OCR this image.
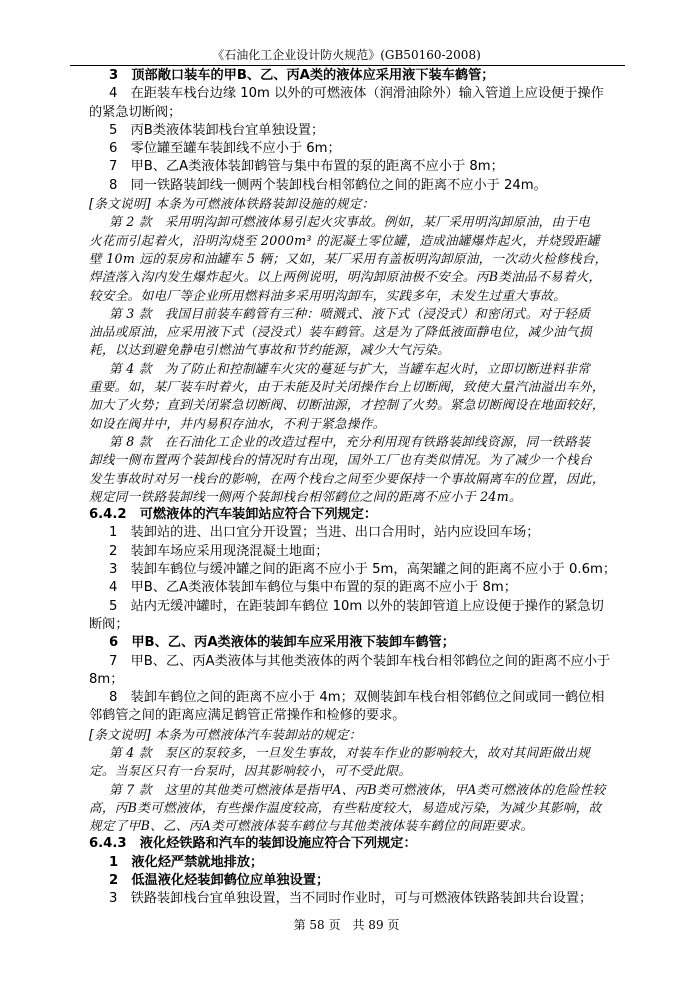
《石油化工企业设计防火规范》(GB50160-2008)
3　顶部敞口装车的甲B、乙、丙A类的液体应采用液下装车鹤管；
4　在距装车栈台边缘 10m 以外的可燃液体（润滑油除外）输入管道上应设便于操作
的紧急切断阀；
5　丙B类液体装卸栈台宜单独设置；
6　零位罐至罐车装卸线不应小于 6m；
7　甲B、乙A类液体装卸鹤管与集中布置的泵的距离不应小于 8m；
8　同一铁路装卸线一侧两个装卸栈台相邻鹤位之间的距离不应小于 24m。
[条文说明] 本条为可燃液体铁路装卸设施的规定：
第 2 款　采用明沟卸可燃液体易引起火灾事故。例如，某厂采用明沟卸原油，由于电
火花而引起着火，沿明沟烧至 2000m³ 的泥凝土零位罐，造成油罐爆炸起火，并烧毁距罐
壁 10m 远的泵房和油罐车 5 辆；又如，某厂采用有盖板明沟卸原油，一次动火检修栈台，
焊渣落入沟内发生爆炸起火。以上两例说明，明沟卸原油极不安全。丙B类油品不易着火，
较安全。如电厂等企业所用燃料油多采用明沟卸车，实践多年，未发生过重大事故。
第 3 款　我国目前装车鹤管有三种：喷溅式、液下式（浸没式）和密闭式。对于轻质
油品或原油，应采用液下式（浸没式）装车鹤管。这是为了降低液面静电位，减少油气损
耗，以达到避免静电引燃油气事故和节约能源，减少大气污染。
第 4 款　为了防止和控制罐车火灾的蔓延与扩大，当罐车起火时，立即切断进料非常
重要。如，某厂装车时着火，由于未能及时关闭操作台上切断阀，致使大量汽油溢出车外，
加大了火势；直到关闭紧急切断阀、切断油源，才控制了火势。紧急切断阀设在地面较好，
如设在阀井中，井内易积存油水，不利于紧急操作。
第 8 款　在石油化工企业的改造过程中，充分利用现有铁路装卸线资源，同一铁路装
卸线一侧布置两个装卸栈台的情况时有出现，国外工厂也有类似情况。为了减少一个栈台
发生事故时对另一栈台的影响，在两个栈台之间至少要保持一个事故隔离车的位置，因此，
规定同一铁路装卸线一侧两个装卸栈台相邻鹤位之间的距离不应小于 24m。
6.4.2　可燃液体的汽车装卸站应符合下列规定：
1　装卸站的进、出口宜分开设置；当进、出口合用时，站内应设回车场；
2　装卸车场应采用现浇混凝土地面；
3　装卸车鹤位与缓冲罐之间的距离不应小于 5m，高架罐之间的距离不应小于 0.6m；
4　甲B、乙A类液体装卸车鹤位与集中布置的泵的距离不应小于 8m；
5　站内无缓冲罐时，在距装卸车鹤位 10m 以外的装卸管道上应设便于操作的紧急切
断阀；
6　甲B、乙、丙A类液体的装卸车应采用液下装卸车鹤管；
7　甲B、乙、丙A类液体与其他类液体的两个装卸车栈台相邻鹤位之间的距离不应小于
8m；
8　装卸车鹤位之间的距离不应小于 4m；双侧装卸车栈台相邻鹤位之间或同一鹤位相
邻鹤管之间的距离应满足鹤管正常操作和检修的要求。
[条文说明] 本条为可燃液体汽车装卸站的规定：
第 4 款　泵区的泵较多，一旦发生事故，对装车作业的影响较大，故对其间距做出规
定。当泵区只有一台泵时，因其影响较小，可不受此限。
第 7 款　这里的其他类可燃液体是指甲A、丙B类可燃液体，甲A类可燃液体的危险性较
高，丙B类可燃液体，有些操作温度较高，有些粘度较大，易造成污染，为减少其影响，故
规定了甲B、乙、丙A类可燃液体装车鹤位与其他类液体装车鹤位的间距要求。
6.4.3　液化烃铁路和汽车的装卸设施应符合下列规定：
1　液化烃严禁就地排放；
2　低温液化烃装卸鹤位应单独设置；
3　铁路装卸栈台宜单独设置，当不同时作业时，可与可燃液体铁路装卸共台设置；
第 58 页　共 89 页
